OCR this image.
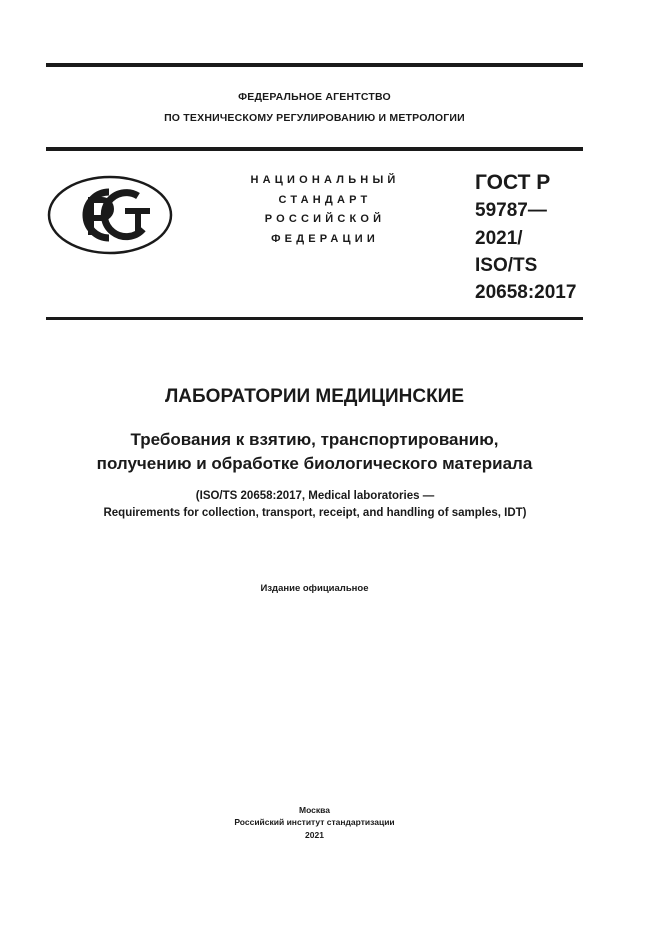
ФЕДЕРАЛЬНОЕ АГЕНТСТВО
ПО ТЕХНИЧЕСКОМУ РЕГУЛИРОВАНИЮ И МЕТРОЛОГИИ
НАЦИОНАЛЬНЫЙ
СТАНДАРТ
РОССИЙСКОЙ
ФЕДЕРАЦИИ
ГОСТ Р
59787—
2021/
ISO/TS
20658:2017
ЛАБОРАТОРИИ МЕДИЦИНСКИЕ
Требования к взятию, транспортированию,
получению и обработке биологического материала
(ISO/TS 20658:2017, Medical laboratories —
Requirements for collection, transport, receipt, and handling of samples, IDT)
Издание официальное
Москва
Российский институт стандартизации
2021
